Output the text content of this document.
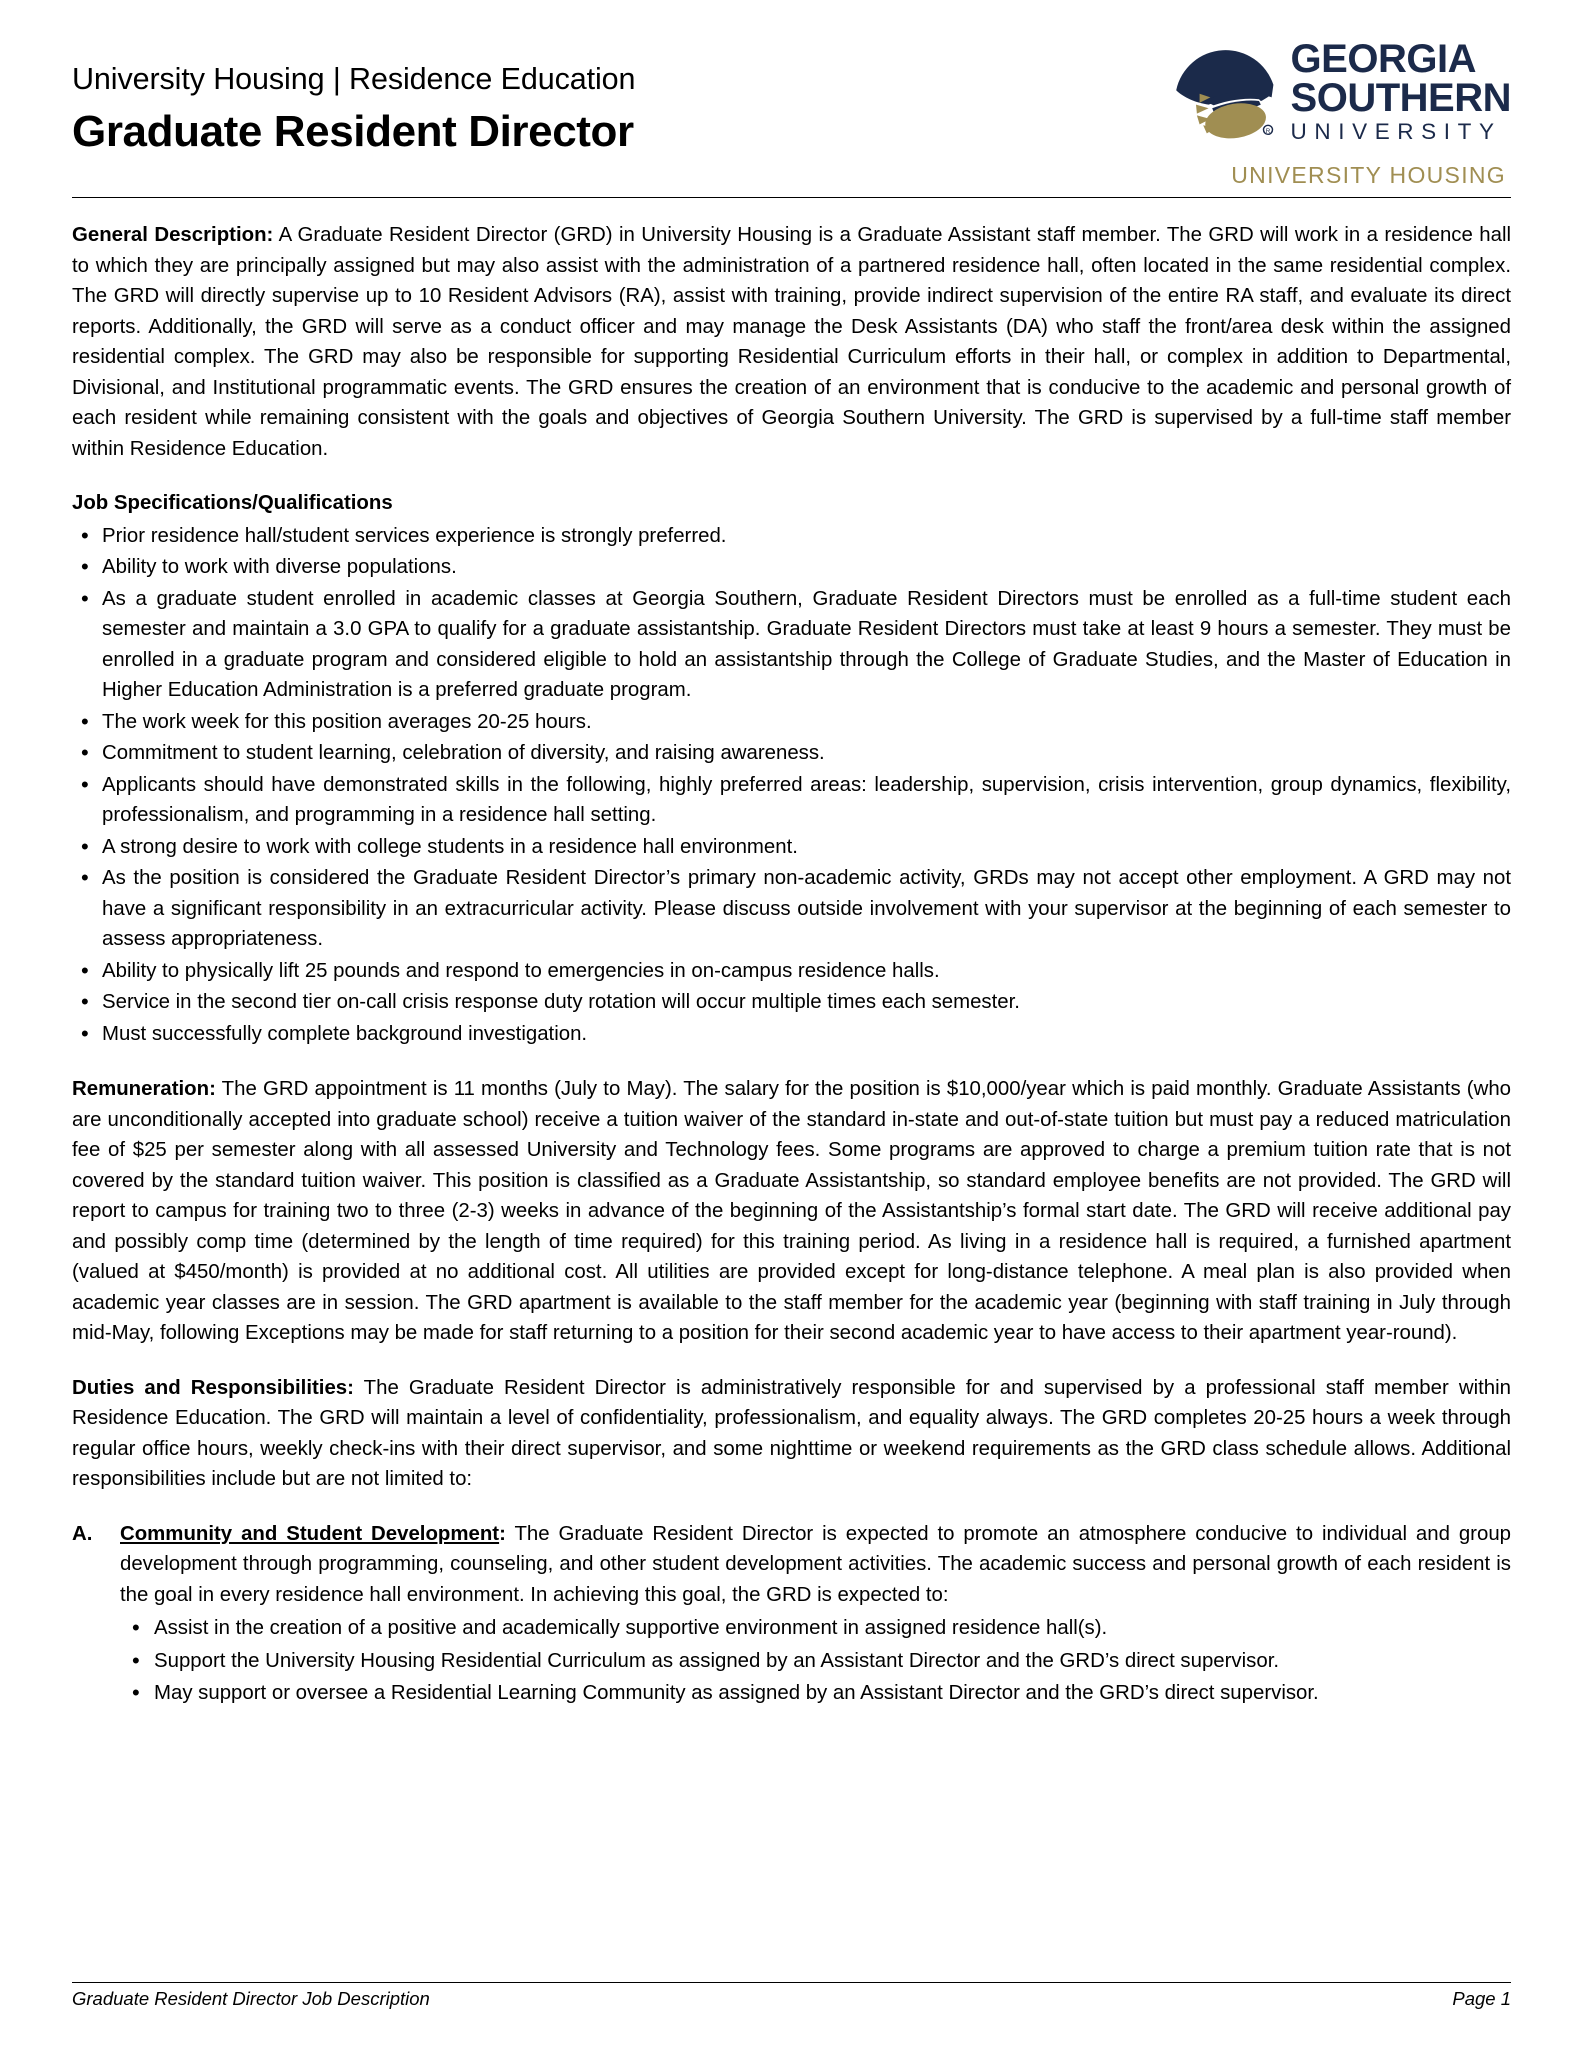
University Housing | Residence Education
Graduate Resident Director	R
GEORGIA
SOUTHERN
UNIVERSITY
UNIVERSITY HOUSING

General Description: A Graduate Resident Director (GRD) in University Housing is a Graduate Assistant staff member. The GRD will work in a residence hall to which they are principally assigned but may also assist with the administration of a partnered residence hall, often located in the same residential complex. The GRD will directly supervise up to 10 Resident Advisors (RA), assist with training, provide indirect supervision of the entire RA staff, and evaluate its direct reports. Additionally, the GRD will serve as a conduct officer and may manage the Desk Assistants (DA) who staff the front/area desk within the assigned residential complex. The GRD may also be responsible for supporting Residential Curriculum efforts in their hall, or complex in addition to Departmental, Divisional, and Institutional programmatic events. The GRD ensures the creation of an environment that is conducive to the academic and personal growth of each resident while remaining consistent with the goals and objectives of Georgia Southern University. The GRD is supervised by a full-time staff member within Residence Education.

Job Specifications/Qualifications
• Prior residence hall/student services experience is strongly preferred.
• Ability to work with diverse populations.
• As a graduate student enrolled in academic classes at Georgia Southern, Graduate Resident Directors must be enrolled as a full-time student each semester and maintain a 3.0 GPA to qualify for a graduate assistantship. Graduate Resident Directors must take at least 9 hours a semester. They must be enrolled in a graduate program and considered eligible to hold an assistantship through the College of Graduate Studies, and the Master of Education in Higher Education Administration is a preferred graduate program.
• The work week for this position averages 20-25 hours.
• Commitment to student learning, celebration of diversity, and raising awareness.
• Applicants should have demonstrated skills in the following, highly preferred areas: leadership, supervision, crisis intervention, group dynamics, flexibility, professionalism, and programming in a residence hall setting.
• A strong desire to work with college students in a residence hall environment.
• As the position is considered the Graduate Resident Director’s primary non-academic activity, GRDs may not accept other employment. A GRD may not have a significant responsibility in an extracurricular activity. Please discuss outside involvement with your supervisor at the beginning of each semester to assess appropriateness.
• Ability to physically lift 25 pounds and respond to emergencies in on-campus residence halls.
• Service in the second tier on-call crisis response duty rotation will occur multiple times each semester.
• Must successfully complete background investigation.

Remuneration: The GRD appointment is 11 months (July to May). The salary for the position is $10,000/year which is paid monthly. Graduate Assistants (who are unconditionally accepted into graduate school) receive a tuition waiver of the standard in-state and out-of-state tuition but must pay a reduced matriculation fee of $25 per semester along with all assessed University and Technology fees. Some programs are approved to charge a premium tuition rate that is not covered by the standard tuition waiver. This position is classified as a Graduate Assistantship, so standard employee benefits are not provided. The GRD will report to campus for training two to three (2-3) weeks in advance of the beginning of the Assistantship’s formal start date. The GRD will receive additional pay and possibly comp time (determined by the length of time required) for this training period. As living in a residence hall is required, a furnished apartment (valued at $450/month) is provided at no additional cost. All utilities are provided except for long-distance telephone. A meal plan is also provided when academic year classes are in session. The GRD apartment is available to the staff member for the academic year (beginning with staff training in July through mid-May, following Exceptions may be made for staff returning to a position for their second academic year to have access to their apartment year-round).

Duties and Responsibilities: The Graduate Resident Director is administratively responsible for and supervised by a professional staff member within Residence Education. The GRD will maintain a level of confidentiality, professionalism, and equality always. The GRD completes 20-25 hours a week through regular office hours, weekly check-ins with their direct supervisor, and some nighttime or weekend requirements as the GRD class schedule allows. Additional responsibilities include but are not limited to:

A. Community and Student Development: The Graduate Resident Director is expected to promote an atmosphere conducive to individual and group development through programming, counseling, and other student development activities. The academic success and personal growth of each resident is the goal in every residence hall environment. In achieving this goal, the GRD is expected to:
• Assist in the creation of a positive and academically supportive environment in assigned residence hall(s).
• Support the University Housing Residential Curriculum as assigned by an Assistant Director and the GRD’s direct supervisor.
• May support or oversee a Residential Learning Community as assigned by an Assistant Director and the GRD’s direct supervisor.
Graduate Resident Director Job Description	Page 1
